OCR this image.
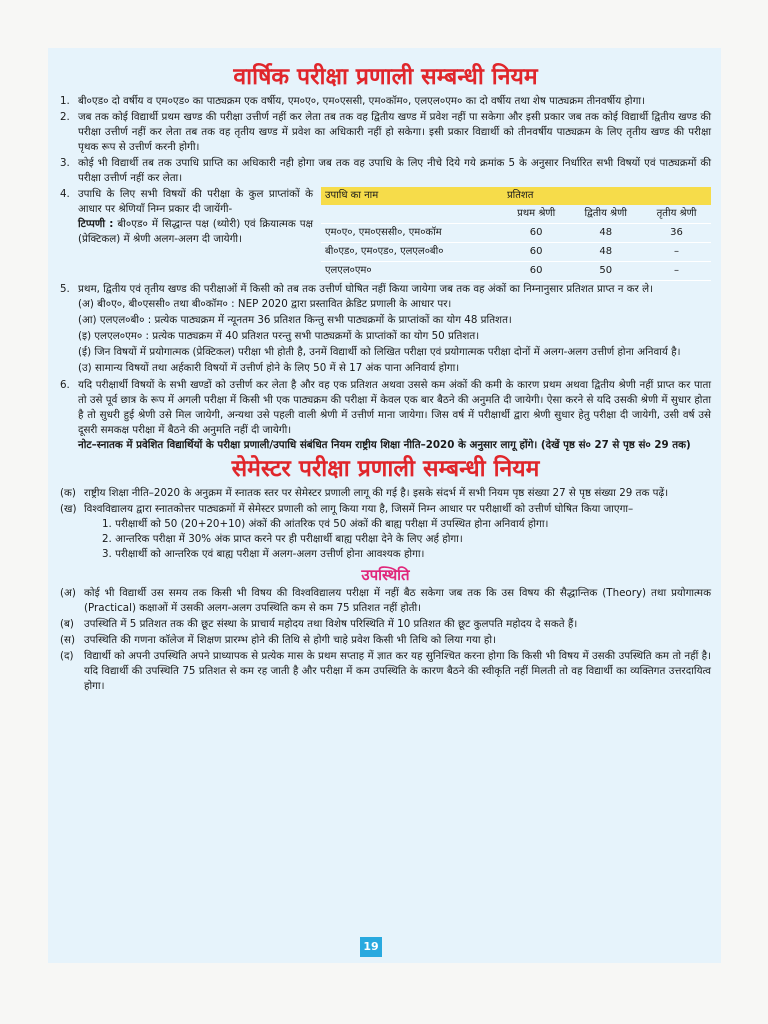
वार्षिक परीक्षा प्रणाली सम्बन्धी नियम
1. बी०एड० दो वर्षीय व एम०एड० का पाठ्यक्रम एक वर्षीय, एम०ए०, एम०एससी, एम०कॉम०, एलएल०एम० का दो वर्षीय तथा शेष पाठ्यक्रम तीनवर्षीय होगा।
2. जब तक कोई विद्यार्थी प्रथम खण्ड की परीक्षा उत्तीर्ण नहीं कर लेता तब तक वह द्वितीय खण्ड में प्रवेश नहीं पा सकेगा और इसी प्रकार जब तक कोई विद्यार्थी द्वितीय खण्ड की परीक्षा उत्तीर्ण नहीं कर लेता तब तक वह तृतीय खण्ड में प्रवेश का अधिकारी नहीं हो सकेगा। इसी प्रकार विद्यार्थी को तीनवर्षीय पाठ्यक्रम के लिए तृतीय खण्ड की परीक्षा पृथक रूप से उत्तीर्ण करनी होगी।
3. कोई भी विद्यार्थी तब तक उपाधि प्राप्ति का अधिकारी नही होगा जब तक वह उपाधि के लिए नीचे दिये गये क्रमांक 5 के अनुसार निर्धारित सभी विषयों एवं पाठ्यक्रमों की परीक्षा उत्तीर्ण नहीं कर लेता।
4. उपाधि के लिए सभी विषयों की परीक्षा के कुल प्राप्तांकों के आधार पर श्रेणियाँ निम्न प्रकार दी जायेंगी-
टिप्पणी : बी०एड० में सिद्धान्त पक्ष (थ्योरी) एवं क्रियात्मक पक्ष (प्रेक्टिकल) में श्रेणी अलग-अलग दी जायेगी।
उपाधि का नाम	प्रतिशत		
	प्रथम श्रेणी	द्वितीय श्रेणी	तृतीय श्रेणी
एम०ए०, एम०एससी०, एम०कॉम	60	48	36
बी०एड०, एम०एड०, एलएल०बी०	60	48	–
एलएल०एम०	60	50	–
5. प्रथम, द्वितीय एवं तृतीय खण्ड की परीक्षाओं में किसी को तब तक उत्तीर्ण घोषित नहीं किया जायेगा जब तक वह अंकों का निम्नानुसार प्रतिशत प्राप्त न कर ले।
(अ) बी०ए०, बी०एससी० तथा बी०कॉम० : NEP 2020 द्वारा प्रस्तावित क्रेडिट प्रणाली के आधार पर।
(आ) एलएल०बी० : प्रत्येक पाठ्यक्रम में न्यूनतम 36 प्रतिशत किन्तु सभी पाठ्यक्रमों के प्राप्तांकों का योग 48 प्रतिशत।
(इ) एलएल०एम० : प्रत्येक पाठ्यक्रम में 40 प्रतिशत परन्तु सभी पाठ्यक्रमों के प्राप्तांकों का योग 50 प्रतिशत।
(ई) जिन विषयों में प्रयोगात्मक (प्रेक्टिकल) परीक्षा भी होती है, उनमें विद्यार्थी को लिखित परीक्षा एवं प्रयोगात्मक परीक्षा दोनों में अलग-अलग उत्तीर्ण होना अनिवार्य है।
(उ) सामान्य विषयों तथा अर्हकारी विषयों में उत्तीर्ण होने के लिए 50 में से 17 अंक पाना अनिवार्य होगा।
6. यदि परीक्षार्थी विषयों के सभी खण्डों को उत्तीर्ण कर लेता है और वह एक प्रतिशत अथवा उससे कम अंकों की कमी के कारण प्रथम अथवा द्वितीय श्रेणी नहीं प्राप्त कर पाता तो उसे पूर्व छात्र के रूप में अगली परीक्षा में किसी भी एक पाठ्यक्रम की परीक्षा में केवल एक बार बैठने की अनुमति दी जायेगी। ऐसा करने से यदि उसकी श्रेणी में सुधार होता है तो सुधरी हुई श्रेणी उसे मिल जायेगी, अन्यथा उसे पहली वाली श्रेणी में उत्तीर्ण माना जायेगा। जिस वर्ष में परीक्षार्थी द्वारा श्रेणी सुधार हेतु परीक्षा दी जायेगी, उसी वर्ष उसे दूसरी समकक्ष परीक्षा में बैठने की अनुमति नहीं दी जायेगी।
नोट–स्नातक में प्रवेशित विद्यार्थियों के परीक्षा प्रणाली/उपाधि संबंधित नियम राष्ट्रीय शिक्षा नीति–2020 के अनुसार लागू होंगे। (देखें पृष्ठ सं० 27 से पृष्ठ सं० 29 तक)
सेमेस्टर परीक्षा प्रणाली सम्बन्धी नियम
(क) राष्ट्रीय शिक्षा नीति–2020 के अनुक्रम में स्नातक स्तर पर सेमेस्टर प्रणाली लागू की गई है। इसके संदर्भ में सभी नियम पृष्ठ संख्या 27 से पृष्ठ संख्या 29 तक पढ़ें।
(ख) विश्वविद्यालय द्वारा स्नातकोत्तर पाठ्यक्रमों में सेमेस्टर प्रणाली को लागू किया गया है, जिसमें निम्न आधार पर परीक्षार्थी को उत्तीर्ण घोषित किया जाएगा–
1. परीक्षार्थी को 50 (20+20+10) अंकों की आंतरिक एवं 50 अंकों की बाह्य परीक्षा में उपस्थित होना अनिवार्य होगा।
2. आन्तरिक परीक्षा में 30% अंक प्राप्त करने पर ही परीक्षार्थी बाह्य परीक्षा देने के लिए अर्ह होगा।
3. परीक्षार्थी को आन्तरिक एवं बाह्य परीक्षा में अलग-अलग उत्तीर्ण होना आवश्यक होगा।
उपस्थिति
(अ) कोई भी विद्यार्थी उस समय तक किसी भी विषय की विश्वविद्यालय परीक्षा में नहीं बैठ सकेगा जब तक कि उस विषय की सैद्धान्तिक (Theory) तथा प्रयोगात्मक (Practical) कक्षाओं में उसकी अलग-अलग उपस्थिति कम से कम 75 प्रतिशत नहीं होती।
(ब) उपस्थिति में 5 प्रतिशत तक की छूट संस्था के प्राचार्य महोदय तथा विशेष परिस्थिति में 10 प्रतिशत की छूट कुलपति महोदय दे सकते हैं।
(स) उपस्थिति की गणना कॉलेज में शिक्षण प्रारम्भ होने की तिथि से होगी चाहे प्रवेश किसी भी तिथि को लिया गया हो।
(द)	विद्यार्थी को अपनी उपस्थिति अपने प्राध्यापक से प्रत्येक मास के प्रथम सप्ताह में ज्ञात कर यह सुनिश्चित करना होगा कि किसी भी विषय में उसकी उपस्थिति कम तो नहीं है। यदि विद्यार्थी की उपस्थिति 75 प्रतिशत से कम रह जाती है और परीक्षा में कम उपस्थिति के कारण बैठने की स्वीकृति नहीं मिलती तो वह विद्यार्थी का व्यक्तिगत उत्तरदायित्व होगा।
19
